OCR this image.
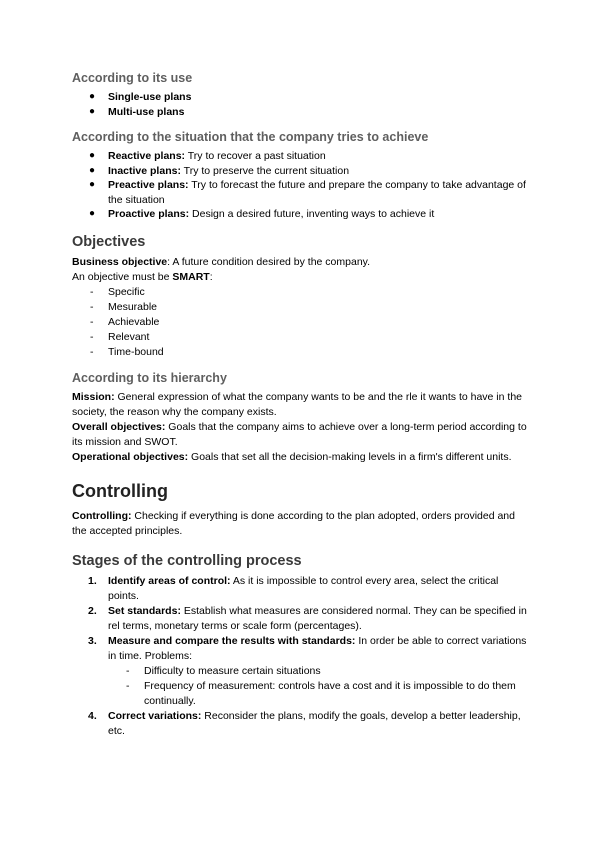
According to its use
● Single-use plans
● Multi-use plans
According to the situation that the company tries to achieve
● Reactive plans: Try to recover a past situation
● Inactive plans: Try to preserve the current situation
● Preactive plans: Try to forecast the future and prepare the company to take advantage of the situation
● Proactive plans: Design a desired future, inventing ways to achieve it
Objectives

Business objective: A future condition desired by the company.

An objective must be SMART:

- Specific
- Mesurable
- Achievable
- Relevant
- Time-bound
According to its hierarchy

Mission: General expression of what the company wants to be and the rle it wants to have in the society, the reason why the company exists.

Overall objectives: Goals that the company aims to achieve over a long-term period according to its mission and SWOT.

Operational objectives: Goals that set all the decision-making levels in a firm's different units.

Controlling

Controlling: Checking if everything is done according to the plan adopted, orders provided and the accepted principles.

Stages of the controlling process
1. Identify areas of control: As it is impossible to control every area, select the critical points.
2. Set standards: Establish what measures are considered normal. They can be specified in rel terms, monetary terms or scale form (percentages).
3. Measure and compare the results with standards: In order be able to correct variations in time. Problems:
- Difficulty to measure certain situations
- Frequency of measurement: controls have a cost and it is impossible to do them continually.
4. Correct variations: Reconsider the plans, modify the goals, develop a better leadership, etc.
